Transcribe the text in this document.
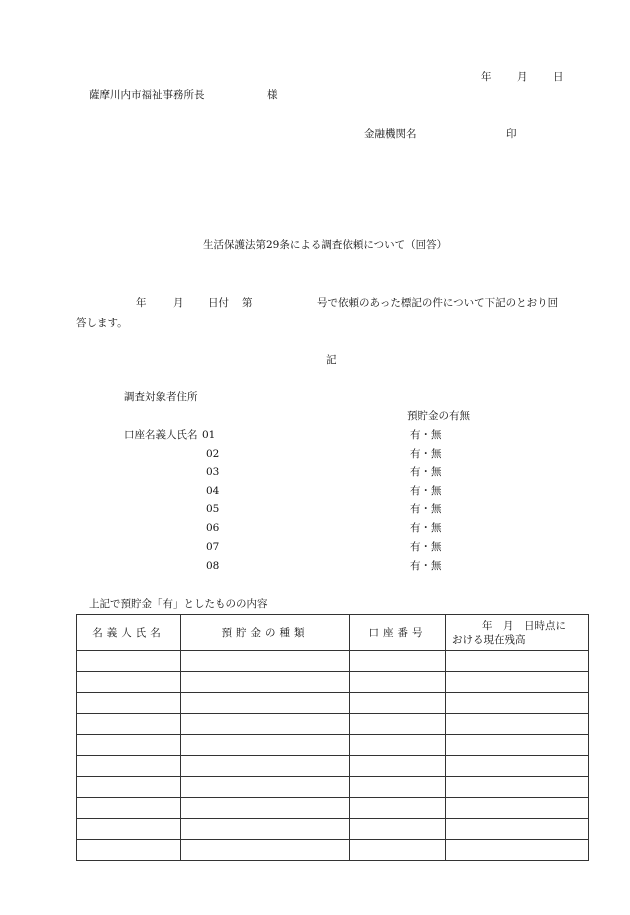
年 月 日
薩摩川内市福祉事務所長	様
金融機関名	印
生活保護法第29条による調査依頼について（回答）
年	月 日付 第	号で依頼のあった標記の件について下記のとおり回
答します。
記
調査対象者住所
預貯金の有無
口座名義人氏名 01	有・無
02	有・無
03	有・無
04	有・無
05	有・無
06	有・無
07	有・無
08	有・無
上記で預貯金「有」としたものの内容
名義人氏名	預貯金の種類	口座番号	年　月　日時点に
おける現在残高
